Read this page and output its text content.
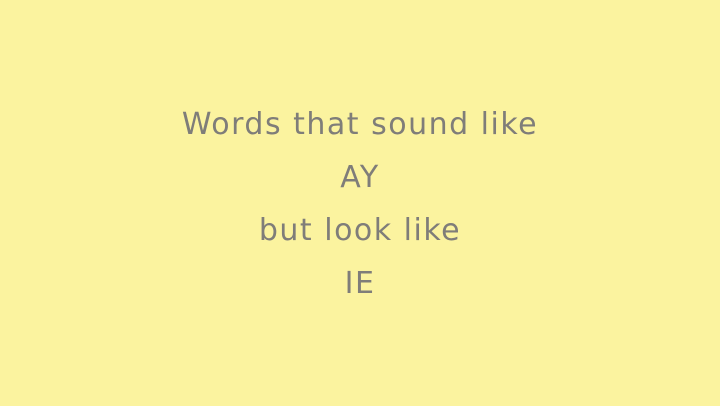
Words that sound like
AY
but look like
IE
